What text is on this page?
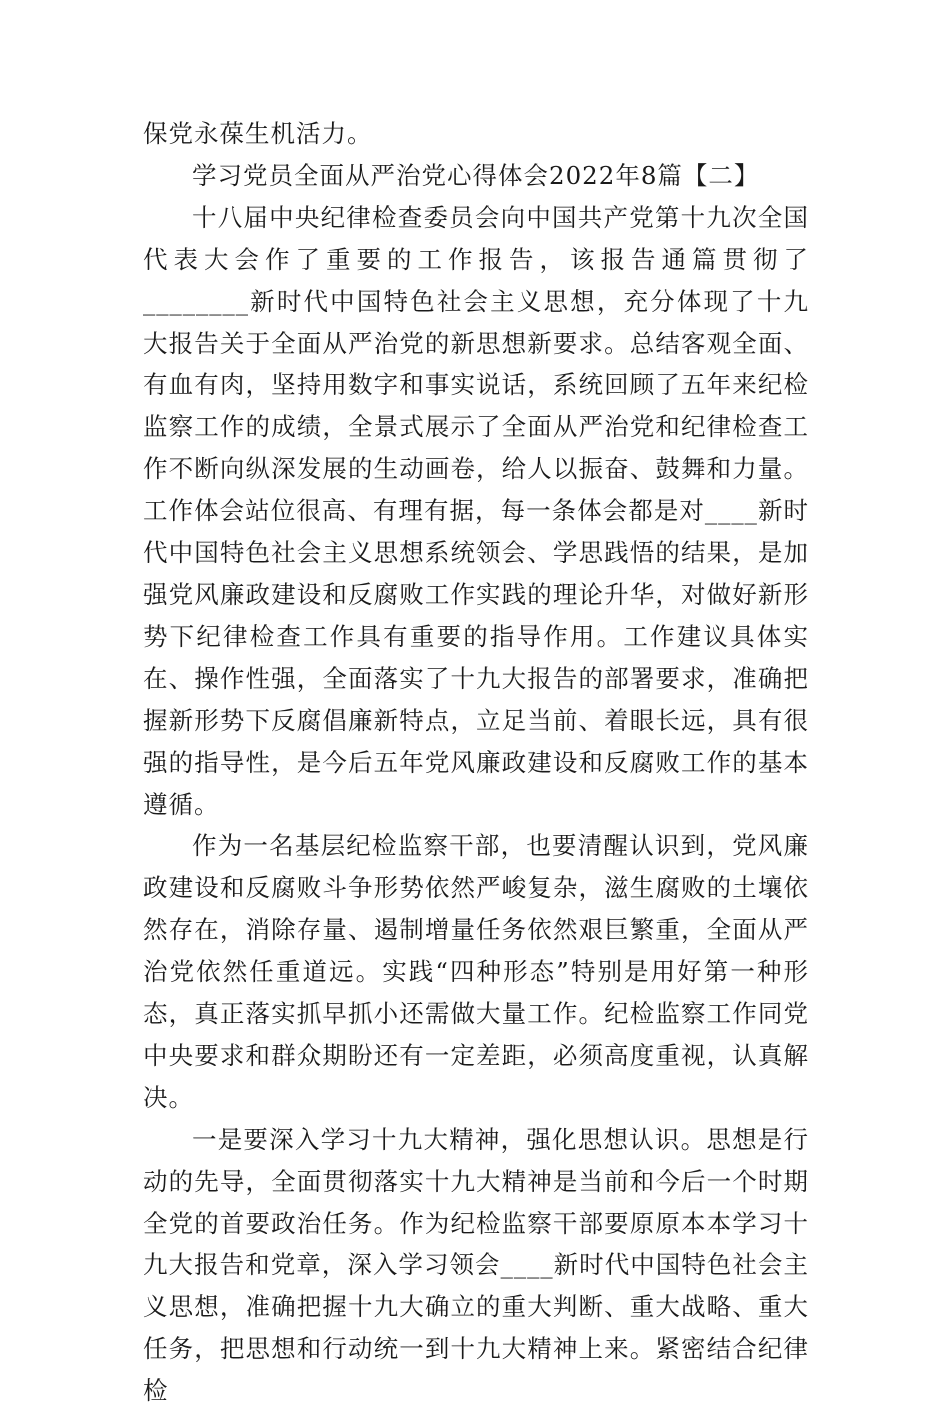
保党永葆生机活力。

学习党员全面从严治党心得体会2022年8篇【二】

十八届中央纪律检查委员会向中国共产党第十九次全国代表大会作了重要的工作报告，该报告通篇贯彻了________新时代中国特色社会主义思想，充分体现了十九大报告关于全面从严治党的新思想新要求。总结客观全面、有血有肉，坚持用数字和事实说话，系统回顾了五年来纪检监察工作的成绩，全景式展示了全面从严治党和纪律检查工作不断向纵深发展的生动画卷，给人以振奋、鼓舞和力量。工作体会站位很高、有理有据，每一条体会都是对____新时代中国特色社会主义思想系统领会、学思践悟的结果，是加强党风廉政建设和反腐败工作实践的理论升华，对做好新形势下纪律检查工作具有重要的指导作用。工作建议具体实在、操作性强，全面落实了十九大报告的部署要求，准确把握新形势下反腐倡廉新特点，立足当前、着眼长远，具有很强的指导性，是今后五年党风廉政建设和反腐败工作的基本遵循。

作为一名基层纪检监察干部，也要清醒认识到，党风廉政建设和反腐败斗争形势依然严峻复杂，滋生腐败的土壤依然存在，消除存量、遏制增量任务依然艰巨繁重，全面从严治党依然任重道远。实践“四种形态”特别是用好第一种形态，真正落实抓早抓小还需做大量工作。纪检监察工作同党中央要求和群众期盼还有一定差距，必须高度重视，认真解决。

一是要深入学习十九大精神，强化思想认识。思想是行动的先导，全面贯彻落实十九大精神是当前和今后一个时期全党的首要政治任务。作为纪检监察干部要原原本本学习十九大报告和党章，深入学习领会____新时代中国特色社会主义思想，准确把握十九大确立的重大判断、重大战略、重大任务，把思想和行动统一到十九大精神上来。紧密结合纪律检
